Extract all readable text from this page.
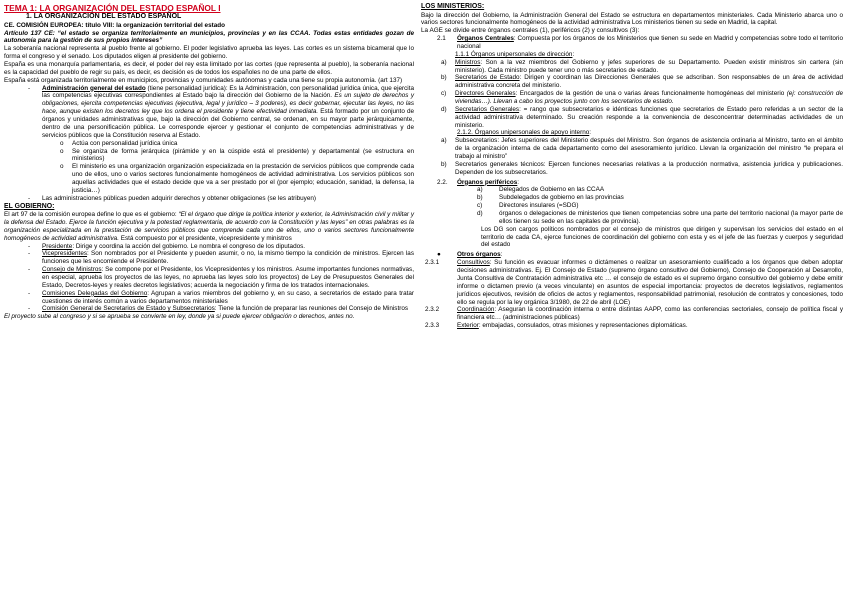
TEMA 1: LA ORGANIZACIÓN DEL ESTADO ESPAÑOL I

1. LA ORGANIZACIÓN DEL ESTADO ESPAÑOL

CE. COMISIÓN EUROPEA: título VIII: la organización territorial del estado

Artículo 137 CE: “el estado se organiza territorialmente en municipios, provincias y en las CCAA. Todas estas entidades gozan de autonomía para la gestión de sus propios intereses”

La soberanía nacional representa al pueblo frente al gobierno. El poder legislativo aprueba las leyes. Las cortes es un sistema bicameral que lo forma el congreso y el senado. Los diputados eligen al presidente del gobierno.

España es una monarquía parlamentaria, es decir, el poder del rey esta limitado por las cortes (que representa al pueblo), la soberanía nacional es la capacidad del pueblo de regir su país, es decir, es decisión es de todos los españoles no de una parte de ellos.

España está organizada territorialmente en municipios, provincias y comunidades autónomas y cada una tiene su propia autonomía. (art 137)

-	Administración general del estado (tiene personalidad jurídica): Es la Administración, con personalidad jurídica única, que ejercita las competencias ejecutivas correspondientes al Estado bajo la dirección del Gobierno de la Nación. Es un sujeto de derechos y obligaciones, ejercita competencias ejecutivas (ejecutiva, legal y jurídico – 3 poderes), es decir gobernar, ejecutar las leyes, no las hace, aunque existen los decretos ley que los ordena el presidente y tiene efectividad inmediata. Está formado por un conjunto de órganos y unidades administrativas que, bajo la dirección del Gobierno central, se ordenan, en su mayor parte jerárquicamente, dentro de una personificación pública. Le corresponde ejercer y gestionar el conjunto de competencias administrativas y de servicios públicos que la Constitución reserva al Estado.

o	Actúa con personalidad jurídica única

o	Se organiza de forma jerárquica (pirámide y en la cúspide está el presidente) y departamental (se estructura en ministerios)

o	El ministerio es una organización organización especializada en la prestación de servicios públicos que comprende cada uno de ellos, uno o varios sectores funcionalmente homogéneos de actividad administrativa. Los servicios públicos son aquellas actividades que el estado decide que va a ser prestado por el (por ejemplo; educación, sanidad, la defensa, la justicia…)

-	Las administraciones públicas pueden adquirir derechos y obtener obligaciones (se les atribuyen)

EL GOBIERNO:

El art 97 de la comisión europea define lo que es el gobierno: “El el órgano que dirige la política interior y exterior, la Administración civil y militar y la defensa del Estado. Ejerce la función ejecutiva y la potestad reglamentaria, de acuerdo con la Constitución y las leyes” en otras palabras es la organización especializada en la prestación de servicios públicos que comprende cada uno de ellos, uno o varios sectores funcionalmente homogéneos de actividad administrativa. Está compuesto por el presidente, vicepresidente y ministros

-	Presidente: Dirige y coordina la acción del gobierno. Le nombra el congreso de los diputados.

-	Vicepresidentes: Son nombrados por el Presidente y pueden asumir, o no, la mismo tiempo la condición de ministros. Ejercen las funciones que les encomiende el Presidente.

-	Consejo de Ministros: Se compone por el Presidente, los Vicepresidentes y los ministros. Asume importantes funciones normativas, en especial, aprueba los proyectos de las leyes, no aprueba las leyes solo los proyectos) de Ley de Presupuestos Generales del Estado, Decretos-leyes y reales decretos legislativos; acuerda la negociación y firma de los tratados internacionales.

-	Comisiones Delegadas del Gobierno: Agrupan a varios miembros del gobierno y, en su caso, a secretarios de estado para tratar cuestiones de interés común a varios departamentos ministeriales

-	Comisión General de Secretarios de Estado y Subsecretarios: Tiene la función de preparar las reuniones del Consejo de Ministros

El proyecto sube al congreso y si se aprueba se convierte en ley, donde ya si puede ejercer obligación o derechos, antes no.

LOS MINISTERIOS:

Bajo la dirección del Gobierno, la Administración General del Estado se estructura en departamentos ministeriales. Cada Ministerio abarca uno o varios sectores funcionalmente homogéneos de la actividad administrativa Los ministerios tienen su sede en Madrid, la capital.

La AGE se divide entre órganos centrales (1), periféricos (2) y consultivos (3):

2.1	Órganos Centrales: Compuesta por los órganos de los Ministerios que tienen su sede en Madrid y competencias sobre todo el territorio nacional

1.1.1 Órganos unipersonales de dirección:

a)	Ministros: Son a la vez miembros del Gobierno y jefes superiores de su Departamento. Pueden existir ministros sin cartera (sin ministerio). Cada ministro puede tener uno o más secretarios de estado.

b)	Secretarios de Estado: Dirigen y coordinan las Direcciones Generales que se adscriban. Son responsables de un área de actividad administrativa concreta del ministerio.

c)	Directores Generales: Encargados de la gestión de una o varias áreas funcionalmente homogéneas del ministerio (ej: construcción de viviendas…). Llevan a cabo los proyectos junto con los secretarios de estado.

d)	Secretarios Generales: = rango que subsecretarios e idénticas funciones que secretarios de Estado pero referidas a un sector de la actividad administrativa determinado. Su creación responde a la conveniencia de desconcentrar determinadas actividades de un ministerio.

2.1.2. Órganos unipersonales de apoyo interno:

a)	Subsecretarios: Jefes superiores del Ministerio después del Ministro. Son órganos de asistencia ordinaria al Ministro, tanto en el ámbito de la organización interna de cada departamento como del asesoramiento jurídico. Llevan la organización del ministro “le prepara el trabajo al ministro”

b)	Secretarios generales técnicos: Ejercen funciones necesarias relativas a la producción normativa, asistencia jurídica y publicaciones. Dependen de los subsecretarios.

2.2.	Órganos periféricos:

a)	Delegados de Gobierno en las CCAA

b)	Subdelegados de gobierno en las provincias

c)	Directores insulares (=SDG)

d)	órganos o delegaciones de ministerios que tienen competencias sobre una parte del territorio nacional (la mayor parte de ellos tienen su sede en las capitales de provincia).

Los DG son cargos políticos nombrados por el consejo de ministros que dirigen y supervisan los servicios del estado en el territorio de cada CA, ejerce funciones de coordinación del gobierno con esta y es el jefe de las fuerzas y cuerpos y seguridad del estado

●	Otros órganos:

2.3.1	Consultivos: Su función es evacuar informes o dictámenes o realizar un asesoramiento cualificado a los órganos que deben adoptar decisiones administrativas. Ej. El Consejo de Estado (supremo órgano consultivo del Gobierno), Consejo de Cooperación al Desarrollo, Junta Consultiva de Contratación administrativa etc … el consejo de estado es el supremo órgano consultivo del gobierno y debe emitir informe o dictamen previo (a veces vinculante) en asuntos de especial importancia: proyectos de decretos legislativos, reglamentos jurídicos ejecutivos, revisión de oficios de actos y reglamentos, responsabilidad patrimonial, resolución de contratos y concesiones, todo ello se regula por la ley orgánica 3/1980, de 22 de abril (LOE)

2.3.2	Coordinación: Aseguran la coordinación interna o entre distintas AAPP, como las conferencias sectoriales, consejo de política fiscal y financiera etc… (administraciones públicas)

2.3.3	Exterior: embajadas, consulados, otras misiones y representaciones diplomáticas.
